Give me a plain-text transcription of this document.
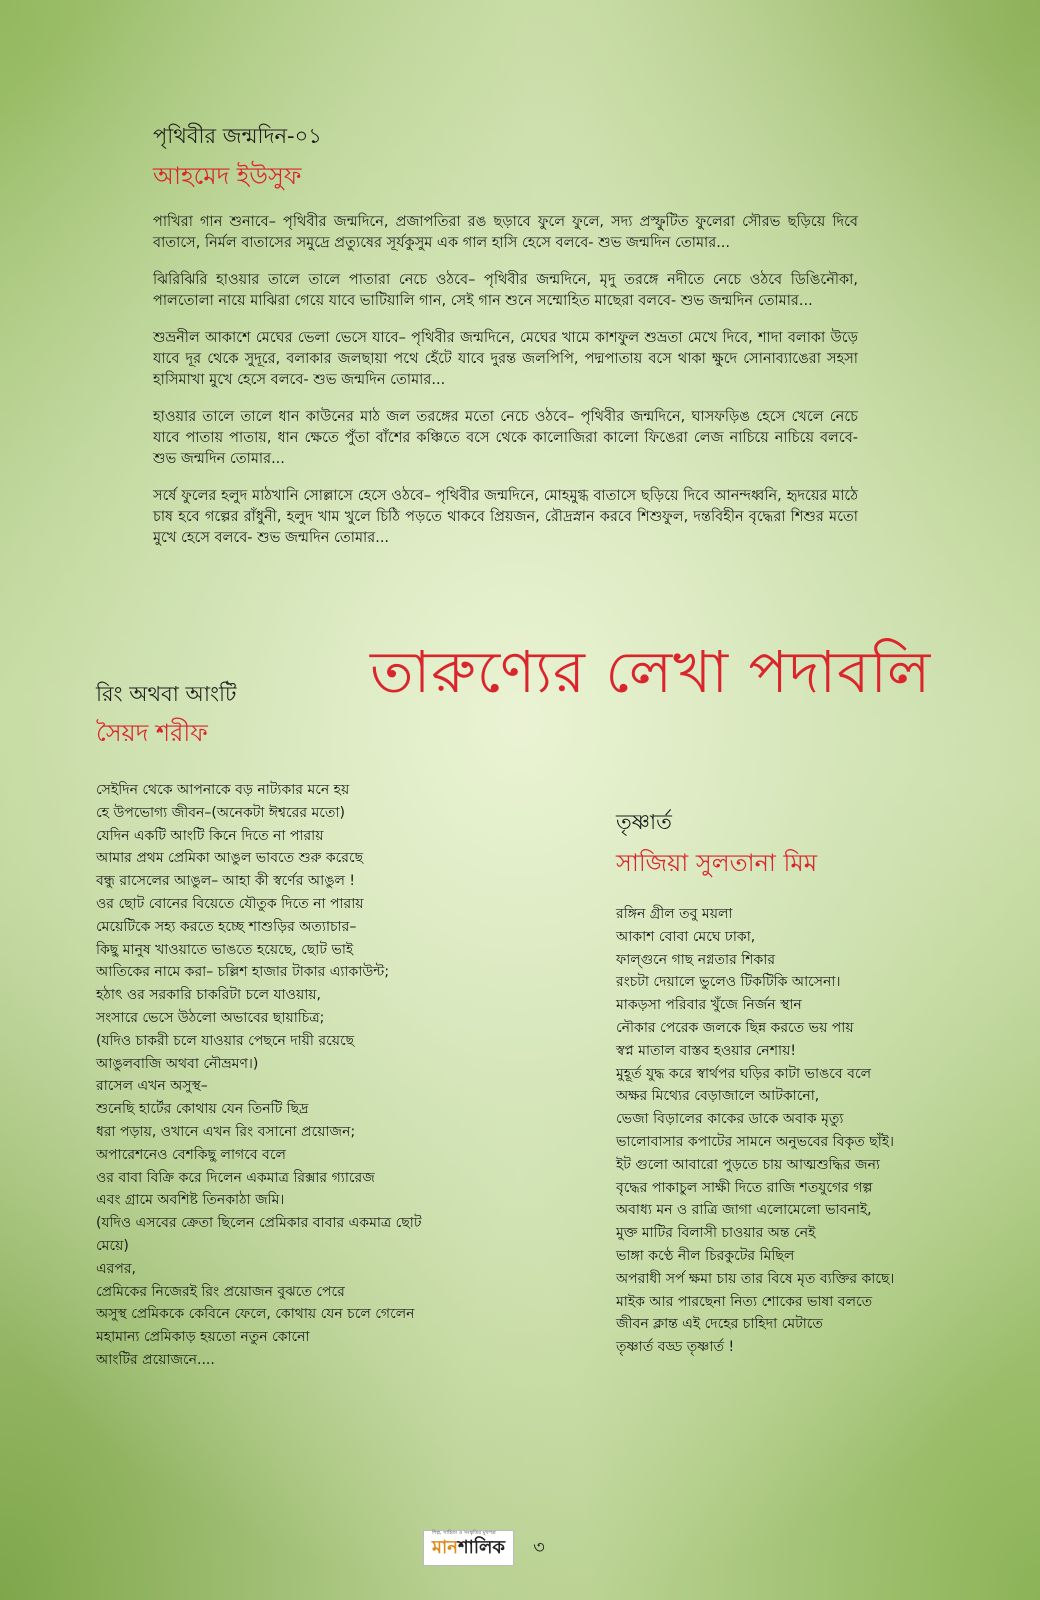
পৃথিবীর জন্মদিন-০১
আহমেদ ইউসুফ

পাখিরা গান শুনাবে– পৃথিবীর জন্মদিনে, প্রজাপতিরা রঙ ছড়াবে ফুলে ফুলে, সদ্য প্রস্ফুটিত ফুলেরা সৌরভ ছড়িয়ে দিবে বাতাসে, নির্মল বাতাসের সমুদ্রে প্রত্যুষের সূর্যকুসুম এক গাল হাসি হেসে বলবে- শুভ জন্মদিন তোমার...

ঝিরিঝিরি হাওয়ার তালে তালে পাতারা নেচে ওঠবে– পৃথিবীর জন্মদিনে, মৃদু তরঙ্গে নদীতে নেচে ওঠবে ডিঙিনৌকা, পালতোলা নায়ে মাঝিরা গেয়ে যাবে ভাটিয়ালি গান, সেই গান শুনে সম্মোহিত মাছেরা বলবে- শুভ জন্মদিন তোমার...

শুভ্রনীল আকাশে মেঘের ভেলা ভেসে যাবে– পৃথিবীর জন্মদিনে, মেঘের খামে কাশফুল শুভ্রতা মেখে দিবে, শাদা বলাকা উড়ে যাবে দূর থেকে সুদূরে, বলাকার জলছায়া পথে হেঁটে যাবে দুরন্ত জলপিপি, পদ্মপাতায় বসে থাকা ক্ষুদে সোনাব্যাঙেরা সহসা হাসিমাখা মুখে হেসে বলবে- শুভ জন্মদিন তোমার...

হাওয়ার তালে তালে ধান কাউনের মাঠ জল তরঙ্গের মতো নেচে ওঠবে– পৃথিবীর জন্মদিনে, ঘাসফড়িঙ হেসে খেলে নেচে যাবে পাতায় পাতায়, ধান ক্ষেতে পুঁতা বাঁশের কঞ্চিতে বসে থেকে কালোজিরা কালো ফিঙেরা লেজ নাচিয়ে নাচিয়ে বলবে- শুভ জন্মদিন তোমার...

সর্ষে ফুলের হলুদ মাঠখানি সোল্লাসে হেসে ওঠবে– পৃথিবীর জন্মদিনে, মোহমুগ্ধ বাতাসে ছড়িয়ে দিবে আনন্দধ্বনি, হৃদয়ের মাঠে চাষ হবে গল্পের রাঁধুনী, হলুদ খাম খুলে চিঠি পড়তে থাকবে প্রিয়জন, রৌদ্রস্নান করবে শিশুফুল, দন্তবিহীন বৃদ্ধেরা শিশুর মতো মুখে হেসে বলবে- শুভ জন্মদিন তোমার...

তারুণ্যের লেখা পদাবলি
রিং অথবা আংটি
সৈয়দ শরীফ
সেইদিন থেকে আপনাকে বড় নাট্যকার মনে হয়
হে উপভোগ্য জীবন–(অনেকটা ঈশ্বরের মতো)
যেদিন একটি আংটি কিনে দিতে না পারায়
আমার প্রথম প্রেমিকা আঙুল ভাবতে শুরু করেছে
বন্ধু রাসেলের আঙুল– আহা কী স্বর্ণের আঙুল !
ওর ছোট বোনের বিয়েতে যৌতুক দিতে না পারায়
মেয়েটিকে সহ্য করতে হচ্ছে শাশুড়ির অত্যাচার–
কিছু মানুষ খাওয়াতে ভাঙতে হয়েছে, ছোট ভাই
আতিকের নামে করা– চল্লিশ হাজার টাকার এ্যাকাউন্ট;
হঠাৎ ওর সরকারি চাকরিটা চলে যাওয়ায়,
সংসারে ভেসে উঠলো অভাবের ছায়াচিত্র;
(যদিও চাকরী চলে যাওয়ার পেছনে দায়ী রয়েছে
আঙুলবাজি অথবা নৌভ্রমণ।)
রাসেল এখন অসুস্থ–
শুনেছি হার্টের কোথায় যেন তিনটি ছিদ্র
ধরা পড়ায়, ওখানে এখন রিং বসানো প্রয়োজন;
অপারেশনেও বেশকিছু লাগবে বলে
ওর বাবা বিক্রি করে দিলেন একমাত্র রিক্সার গ্যারেজ
এবং গ্রামে অবশিষ্ট তিনকাঠা জমি।
(যদিও এসবের ক্রেতা ছিলেন প্রেমিকার বাবার একমাত্র ছোট
মেয়ে)
এরপর,
প্রেমিকের নিজেরই রিং প্রয়োজন বুঝতে পেরে
অসুস্থ প্রেমিককে কেবিনে ফেলে, কোথায় যেন চলে গেলেন
মহামান্য প্রেমিকাড় হয়তো নতুন কোনো
আংটির প্রয়োজনে....
তৃষ্ণার্ত
সাজিয়া সুলতানা মিম
রঙ্গিন গ্রীল তবু ময়লা
আকাশ বোবা মেঘে ঢাকা,
ফাল্গুনে গাছ নগ্নতার শিকার
রংচটা দেয়ালে ভুলেও টিকটিকি আসেনা।
মাকড়সা পরিবার খুঁজে নির্জন স্থান
নৌকার পেরেক জলকে ছিন্ন করতে ভয় পায়
স্বপ্ন মাতাল বাস্তব হওয়ার নেশায়!
মুহূর্ত যুদ্ধ করে স্বার্থপর ঘড়ির কাটা ভাঙবে বলে
অক্ষর মিথ্যের বেড়াজালে আটকানো,
ভেজা বিড়ালের কাকের ডাকে অবাক মৃত্যু
ভালোবাসার কপাটের সামনে অনুভবের বিকৃত ছাঁই।
ইট গুলো আবারো পুড়তে চায় আত্মশুদ্ধির জন্য
বৃদ্ধের পাকাচুল সাক্ষী দিতে রাজি শতযুগের গল্প
অবাধ্য মন ও রাত্রি জাগা এলোমেলো ভাবনাই,
মুক্ত মাটির বিলাসী চাওয়ার অন্ত নেই
ভাঙ্গা কণ্ঠে নীল চিরকুটের মিছিল
অপরাধী সর্প ক্ষমা চায় তার বিষে মৃত ব্যক্তির কাছে।
মাইক আর পারছেনা নিত্য শোকের ভাষা বলতে
জীবন ক্লান্ত এই দেহের চাহিদা মেটাতে
তৃষ্ণার্ত বড্ড তৃষ্ণার্ত !
শিল্প, সাহিত্য ও সংস্কৃতির মুখপত্র
মানশালিক ৩
